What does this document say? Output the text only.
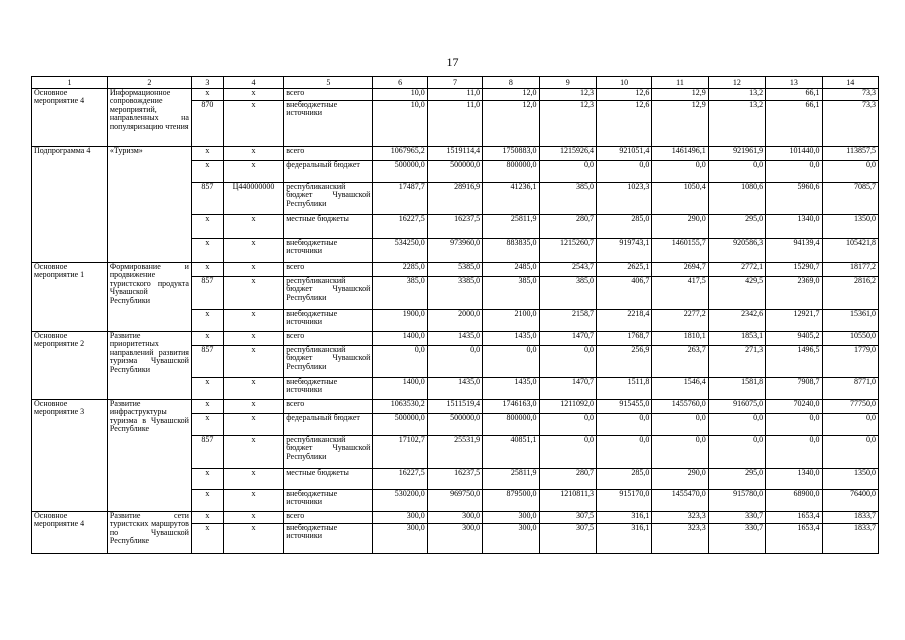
17
1	2	3	4	5	6	7	8	9	10	11	12	13	14
Основное мероприятие 4	Информационное сопровождение мероприятий, направленных на популяризацию чтения	х	х	всего	10,0	11,0	12,0	12,3	12,6	12,9	13,2	66,1	73,3
		870	х	внебюджетные источники	10,0	11,0	12,0	12,3	12,6	12,9	13,2	66,1	73,3
Подпрограмма 4	«Туризм»	х	х	всего	1067965,2	1519114,4	1750883,0	1215926,4	921051,4	1461496,1	921961,9	101440,0	113857,5
		х	х	федеральный бюджет	500000,0	500000,0	800000,0	0,0	0,0	0,0	0,0	0,0	0,0
		857	Ц440000000	республиканский бюджет Чувашской Республики	17487,7	28916,9	41236,1	385,0	1023,3	1050,4	1080,6	5960,6	7085,7
		х	х	местные бюджеты	16227,5	16237,5	25811,9	280,7	285,0	290,0	295,0	1340,0	1350,0
		х	х	внебюджетные источники	534250,0	973960,0	883835,0	1215260,7	919743,1	1460155,7	920586,3	94139,4	105421,8
Основное мероприятие 1	Формирование и продвижение туристского продукта Чувашской Республики	х	х	всего	2285,0	5385,0	2485,0	2543,7	2625,1	2694,7	2772,1	15290,7	18177,2
		857	х	республиканский бюджет Чувашской Республики	385,0	3385,0	385,0	385,0	406,7	417,5	429,5	2369,0	2816,2
		х	х	внебюджетные источники	1900,0	2000,0	2100,0	2158,7	2218,4	2277,2	2342,6	12921,7	15361,0
Основное мероприятие 2	Развитие приоритетных направлений развития туризма Чувашской Республики	х	х	всего	1400,0	1435,0	1435,0	1470,7	1768,7	1810,1	1853,1	9405,2	10550,0
		857	х	республиканский бюджет Чувашской Республики	0,0	0,0	0,0	0,0	256,9	263,7	271,3	1496,5	1779,0
		х	х	внебюджетные источники	1400,0	1435,0	1435,0	1470,7	1511,8	1546,4	1581,8	7908,7	8771,0
Основное мероприятие 3	Развитие инфраструктуры туризма в Чувашской Республике	х	х	всего	1063530,2	1511519,4	1746163,0	1211092,0	915455,0	1455760,0	916075,0	70240,0	77750,0
		х	х	федеральный бюджет	500000,0	500000,0	800000,0	0,0	0,0	0,0	0,0	0,0	0,0
		857	х	республиканский бюджет Чувашской Республики	17102,7	25531,9	40851,1	0,0	0,0	0,0	0,0	0,0	0,0
		х	х	местные бюджеты	16227,5	16237,5	25811,9	280,7	285,0	290,0	295,0	1340,0	1350,0
		х	х	внебюджетные источники	530200,0	969750,0	879500,0	1210811,3	915170,0	1455470,0	915780,0	68900,0	76400,0
Основное мероприятие 4	Развитие сети туристских маршрутов по Чувашской Республике	х	х	всего	300,0	300,0	300,0	307,5	316,1	323,3	330,7	1653,4	1833,7
		х	х	внебюджетные источники	300,0	300,0	300,0	307,5	316,1	323,3	330,7	1653,4	1833,7
